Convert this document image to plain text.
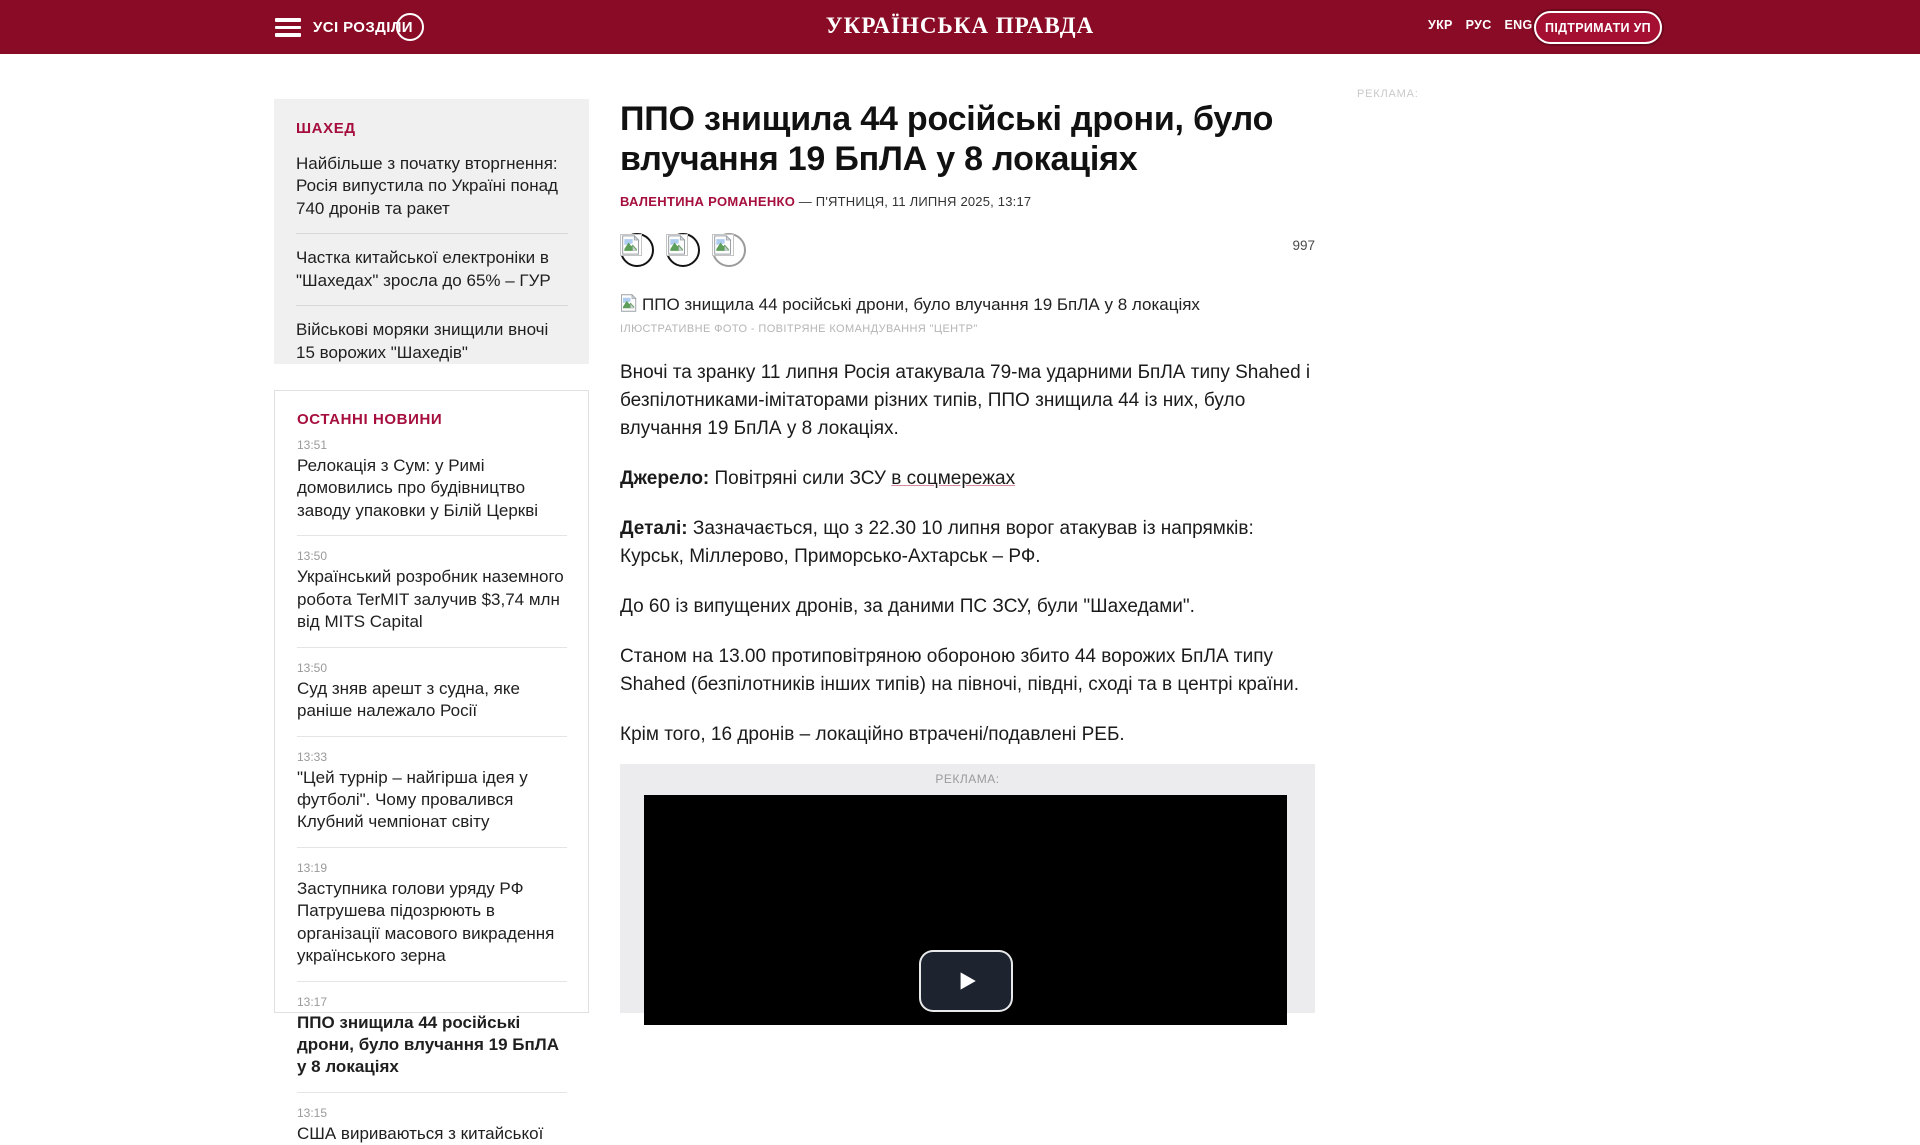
УСІ РОЗДІЛИ	УКРАЇНСЬКА ПРАВДА	УКР РУС ENG	ПІДТРИМАТИ УП
ШАХЕД
Найбільше з початку вторгнення: Росія випустила по Україні понад 740 дронів та ракет
Частка китайської електроніки в "Шахедах" зросла до 65% – ГУР
Військові моряки знищили вночі 15 ворожих "Шахедів"
ОСТАННІ НОВИНИ
13:51
Релокація з Сум: у Римі домовились про будівництво заводу упаковки у Білій Церкві
13:50
Український розробник наземного робота TerMIT залучив $3,74 млн від MITS Capital
13:50
Суд зняв арешт з судна, яке раніше належало Росії
13:33
"Цей турнір – найгірша ідея у футболі". Чому провалився Клубний чемпіонат світу
13:19
Заступника голови уряду РФ Патрушева підозрюють в організації масового викрадення українського зерна
13:17
ППО знищила 44 російські дрони, було влучання 19 БпЛА у 8 локаціях
13:15
США вириваються з китайської
ППО знищила 44 російські дрони, було влучання 19 БпЛА у 8 локаціях
ВАЛЕНТИНА РОМАНЕНКО — П'ЯТНИЦЯ, 11 ЛИПНЯ 2025, 13:17
997
ППО знищила 44 російські дрони, було влучання 19 БпЛА у 8 локаціях
ІЛЮСТРАТИВНЕ ФОТО - ПОВІТРЯНЕ КОМАНДУВАННЯ "ЦЕНТР"

Вночі та зранку 11 липня Росія атакувала 79-ма ударними БпЛА типу Shahed і безпілотниками-імітаторами різних типів, ППО знищила 44 із них, було влучання 19 БпЛА у 8 локаціях.

Джерело: Повітряні сили ЗСУ в соцмережах

Деталі: Зазначається, що з 22.30 10 липня ворог атакував із напрямків: Курськ, Міллерово, Приморсько-Ахтарськ – РФ.

До 60 із випущених дронів, за даними ПС ЗСУ, були "Шахедами".

Станом на 13.00 протиповітряною обороною збито 44 ворожих БпЛА типу Shahed (безпілотників інших типів) на півночі, півдні, сході та в центрі країни.

Крім того, 16 дронів – локаційно втрачені/подавлені РЕБ.

РЕКЛАМА:
РЕКЛАМА:
